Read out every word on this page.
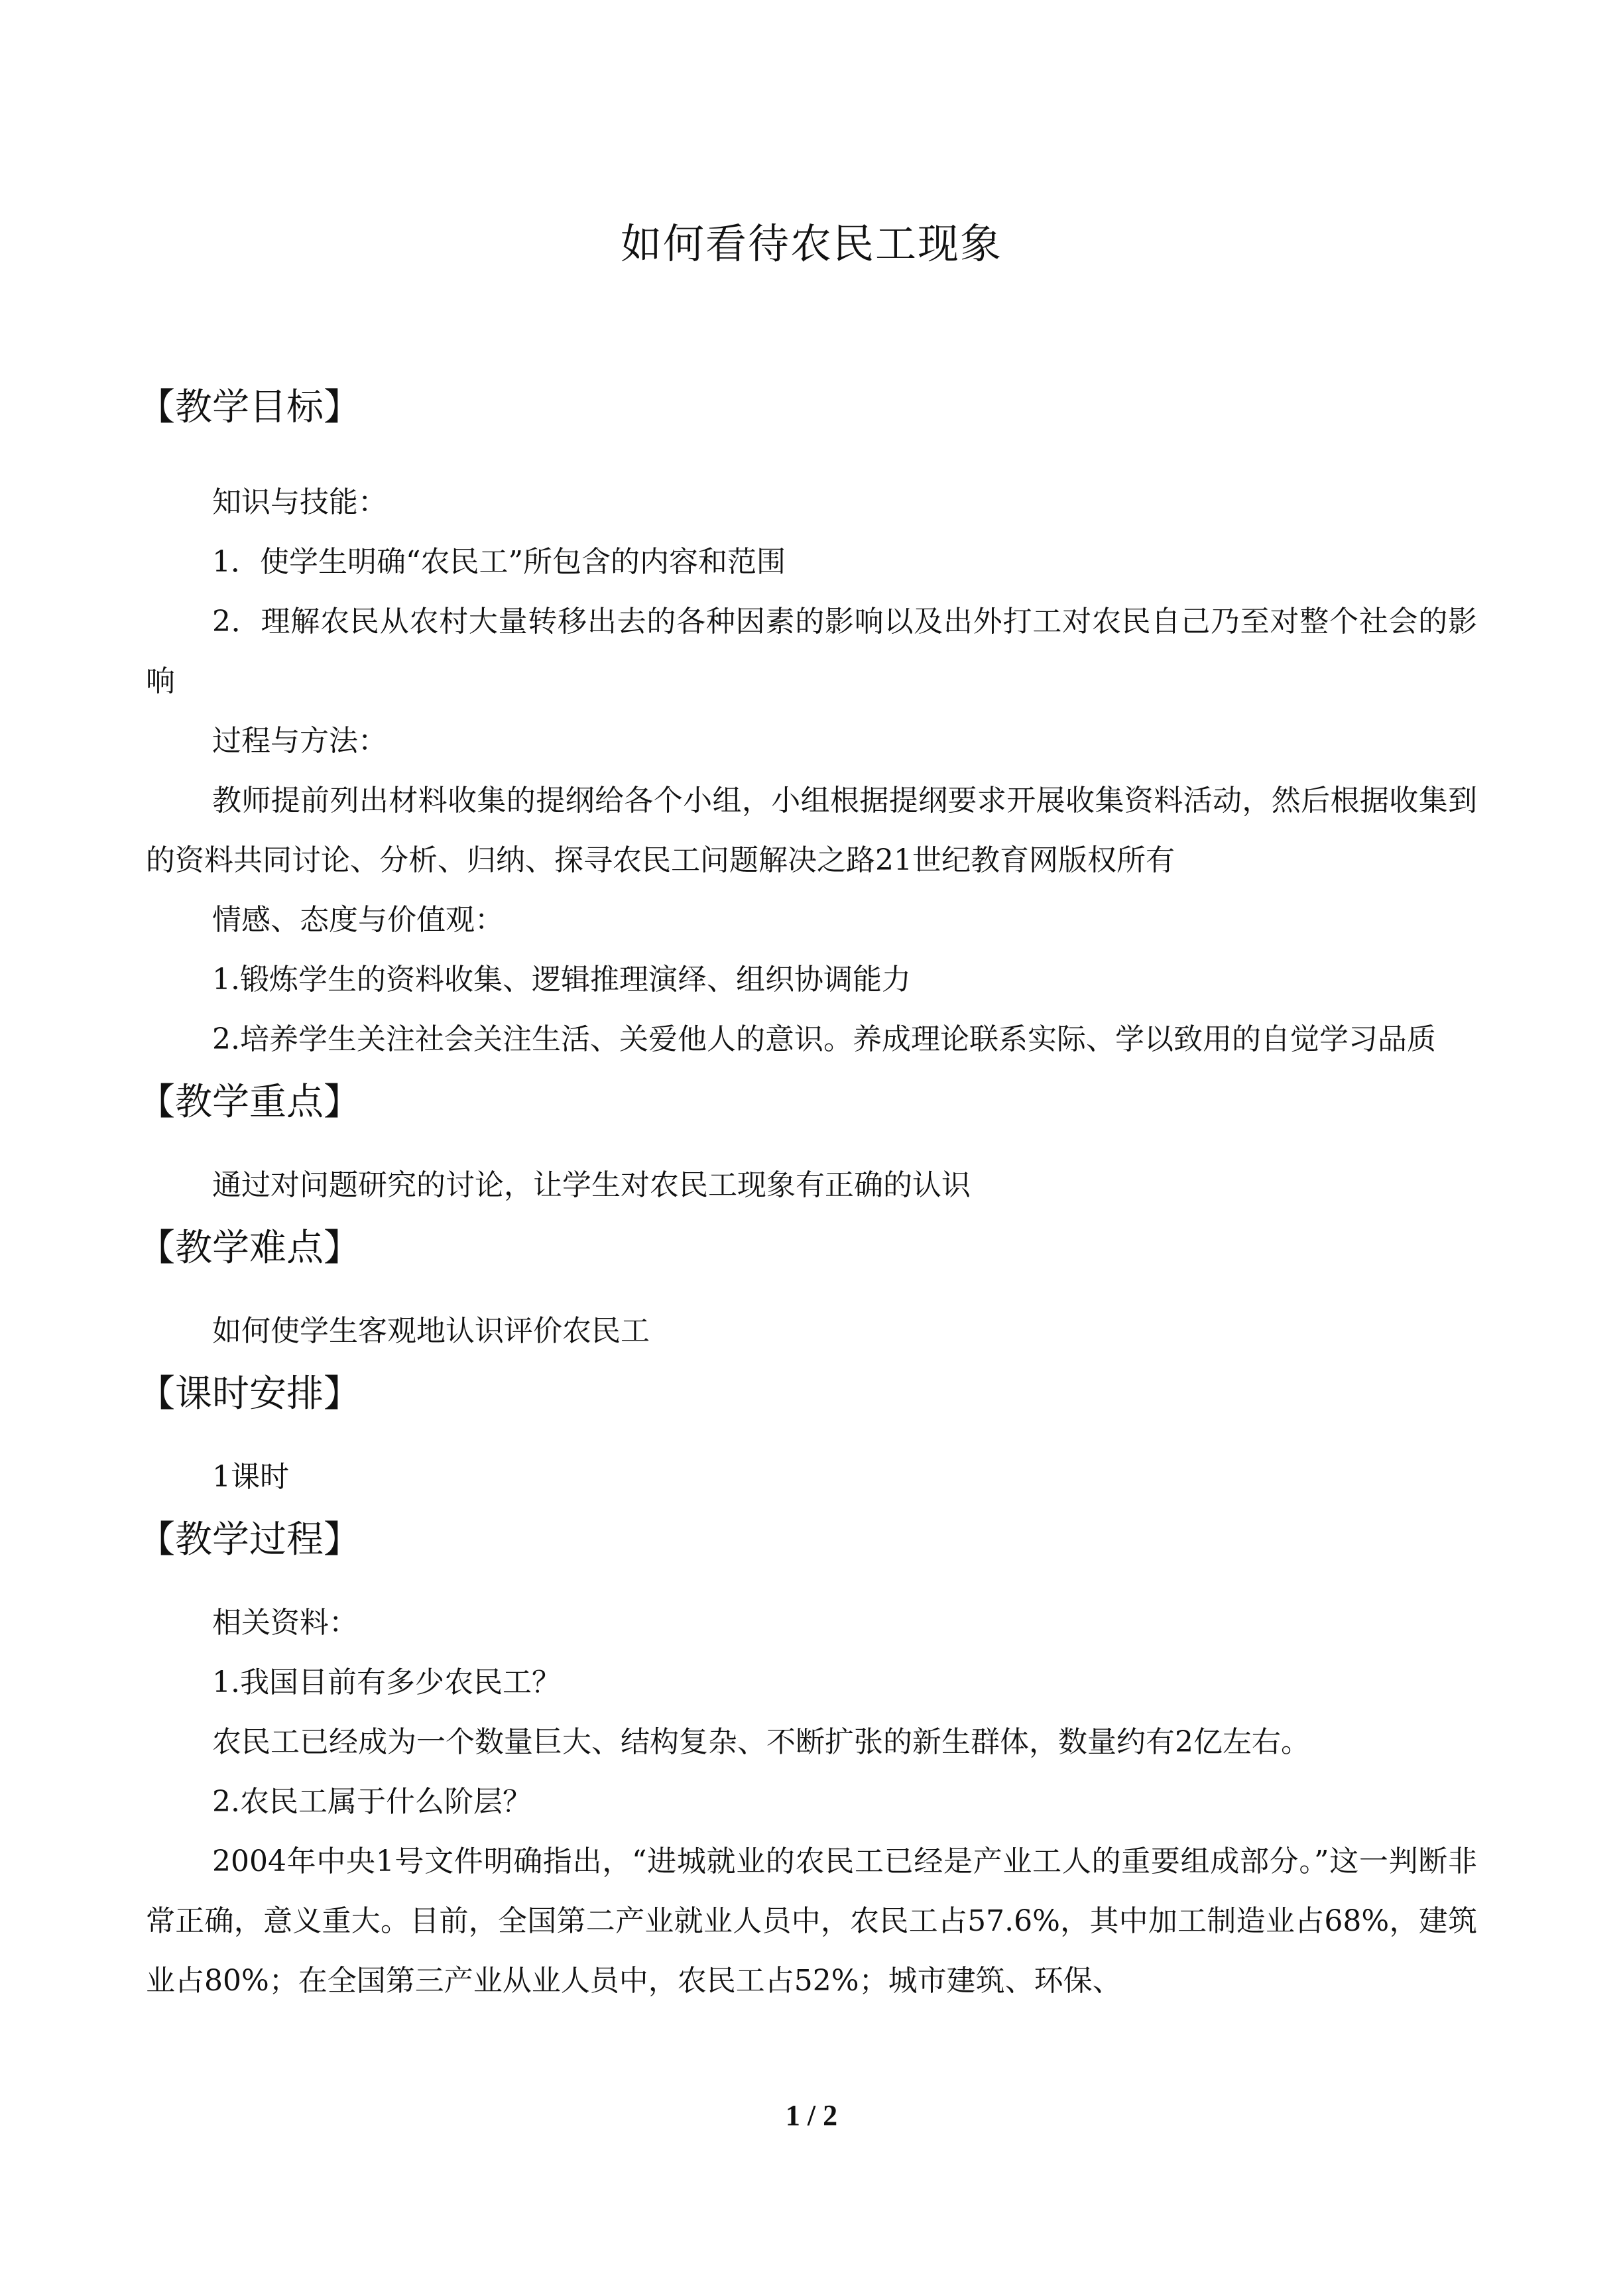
如何看待农民工现象
【教学目标】

知识与技能：

1．使学生明确“农民工”所包含的内容和范围

2．理解农民从农村大量转移出去的各种因素的影响以及出外打工对农民自己乃至对整个社会的影响

过程与方法：

教师提前列出材料收集的提纲给各个小组，小组根据提纲要求开展收集资料活动，然后根据收集到的资料共同讨论、分析、归纳、探寻农民工问题解决之路21世纪教育网版权所有

情感、态度与价值观：

1.锻炼学生的资料收集、逻辑推理演绎、组织协调能力

2.培养学生关注社会关注生活、关爱他人的意识。养成理论联系实际、学以致用的自觉学习品质

【教学重点】

通过对问题研究的讨论，让学生对农民工现象有正确的认识

【教学难点】

如何使学生客观地认识评价农民工

【课时安排】

1课时

【教学过程】

相关资料：

1.我国目前有多少农民工？

农民工已经成为一个数量巨大、结构复杂、不断扩张的新生群体，数量约有2亿左右。

2.农民工属于什么阶层？

2004年中央1号文件明确指出，“进城就业的农民工已经是产业工人的重要组成部分。”这一判断非常正确，意义重大。目前，全国第二产业就业人员中，农民工占57.6%，其中加工制造业占68%，建筑业占80%；在全国第三产业从业人员中，农民工占52%；城市建筑、环保、

1 / 2
